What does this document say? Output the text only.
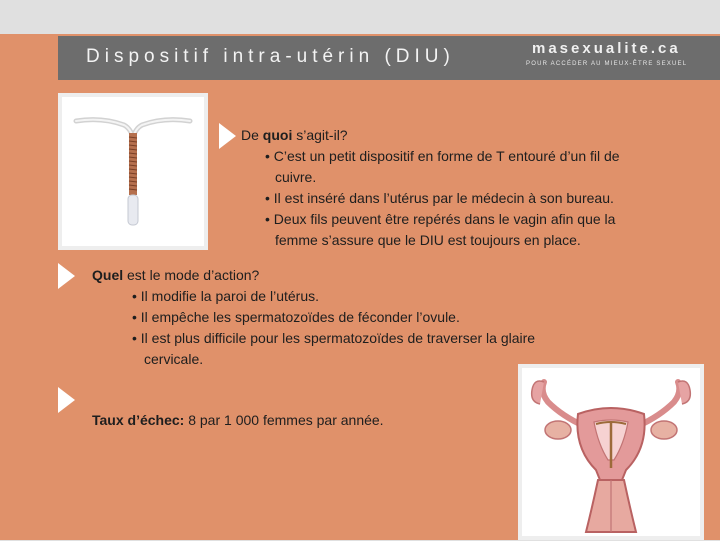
Dispositif intra-utérin (DIU)	masexualite.ca
POUR ACCÉDER AU MIEUX-ÊTRE SEXUEL
De quoi s’agit-il?
• C’est un petit dispositif en forme de T entouré d’un fil de
cuivre.
• Il est inséré dans l’utérus par le médecin à son bureau.
• Deux fils peuvent être repérés dans le vagin afin que la
femme s’assure que le DIU est toujours en place.
Quel est le mode d’action?
• Il modifie la paroi de l’utérus.
• Il empêche les spermatozoïdes de féconder l’ovule.
• Il est plus difficile pour les spermatozoïdes de traverser la glaire
cervicale.
Taux d’échec: 8 par 1 000 femmes par année.
